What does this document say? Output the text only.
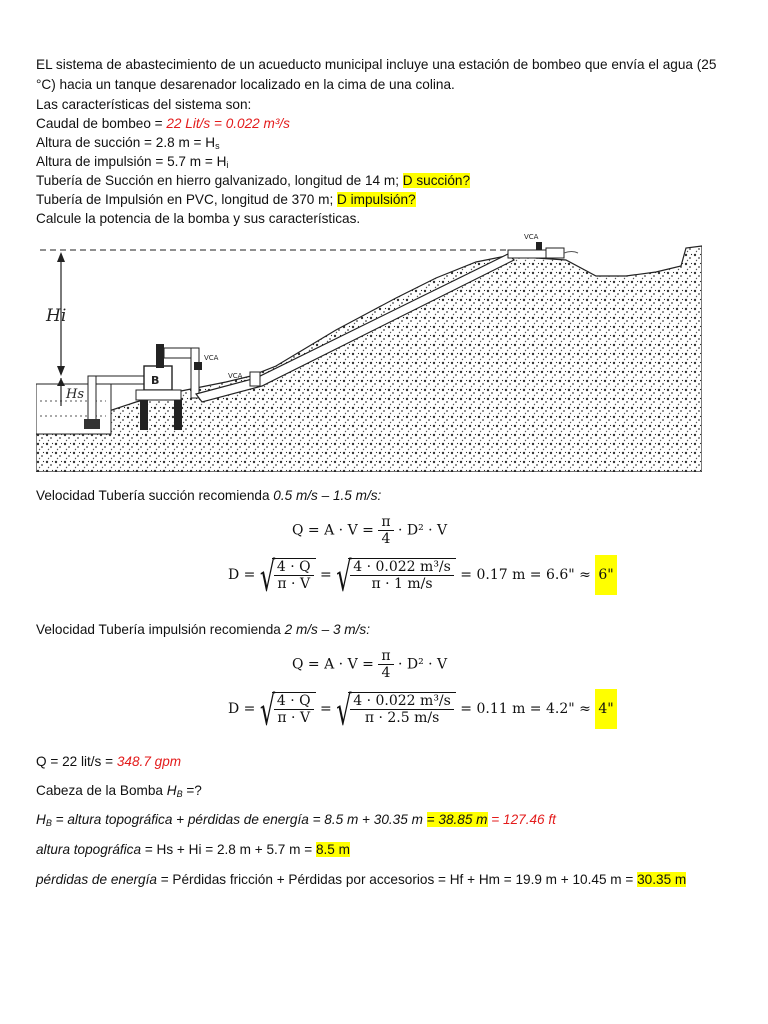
EL sistema de abastecimiento de un acueducto municipal incluye una estación de bombeo que envía el agua (25
°C) hacia un tanque desarenador localizado en la cima de una colina.
Las características del sistema son:
Caudal de bombeo = 22 Lit/s = 0.022 m³/s
Altura de succión = 2.8 $m = H_s$
Altura de impulsión = 5.7 $m = H_i$
Tubería de Succión en hierro galvanizado, longitud de 14 m; D succión?
Tubería de Impulsión en PVC, longitud de 370 m; D impulsión?
Calcule la potencia de la bomba y sus características.
Hi
Hs
B
VCA
VCA
VCA
Velocidad Tubería succión recomienda 0.5 m/s – 1.5 m/s:
$Q = A \cdot V = \frac{\pi}{4} \cdot D^2 \cdot V$
D = √ $\frac{4 \cdot Q}{\pi \cdot V}$ = √ $\frac{\text{4 · 0.022 m³/s}}{\pi \cdot 1 m/s} = 0.17$ m = 6.6" ≈ 6"
Velocidad Tubería impulsión recomienda 2 m/s – 3 m/s:
$Q = A \cdot V = \frac{\pi}{4} \cdot D^2 \cdot V$
D = √ $\frac{4 \cdot Q}{\pi \cdot V}$ = √ $\frac{\text{4 · 0.022 m³/s}}{\pi \cdot 2.5 m/s} = 0.11$ m = 4.2" ≈ 4"
Q = 22 lit/s = 348.7 gpm
Cabeza de la Bomba $H_B$ =?
$H_B$ = altura topográfica + pérdidas de energía = 8.5 m + 30.35 m = 38.85 m = 127.46 ft
altura topográfica = Hs + Hi = 2.8 m + 5.7 m = 8.5 m
pérdidas de energía = Pérdidas fricción + Pérdidas por accesorios = Hf + Hm = 19.9 m + 10.45 m = 30.35 m
